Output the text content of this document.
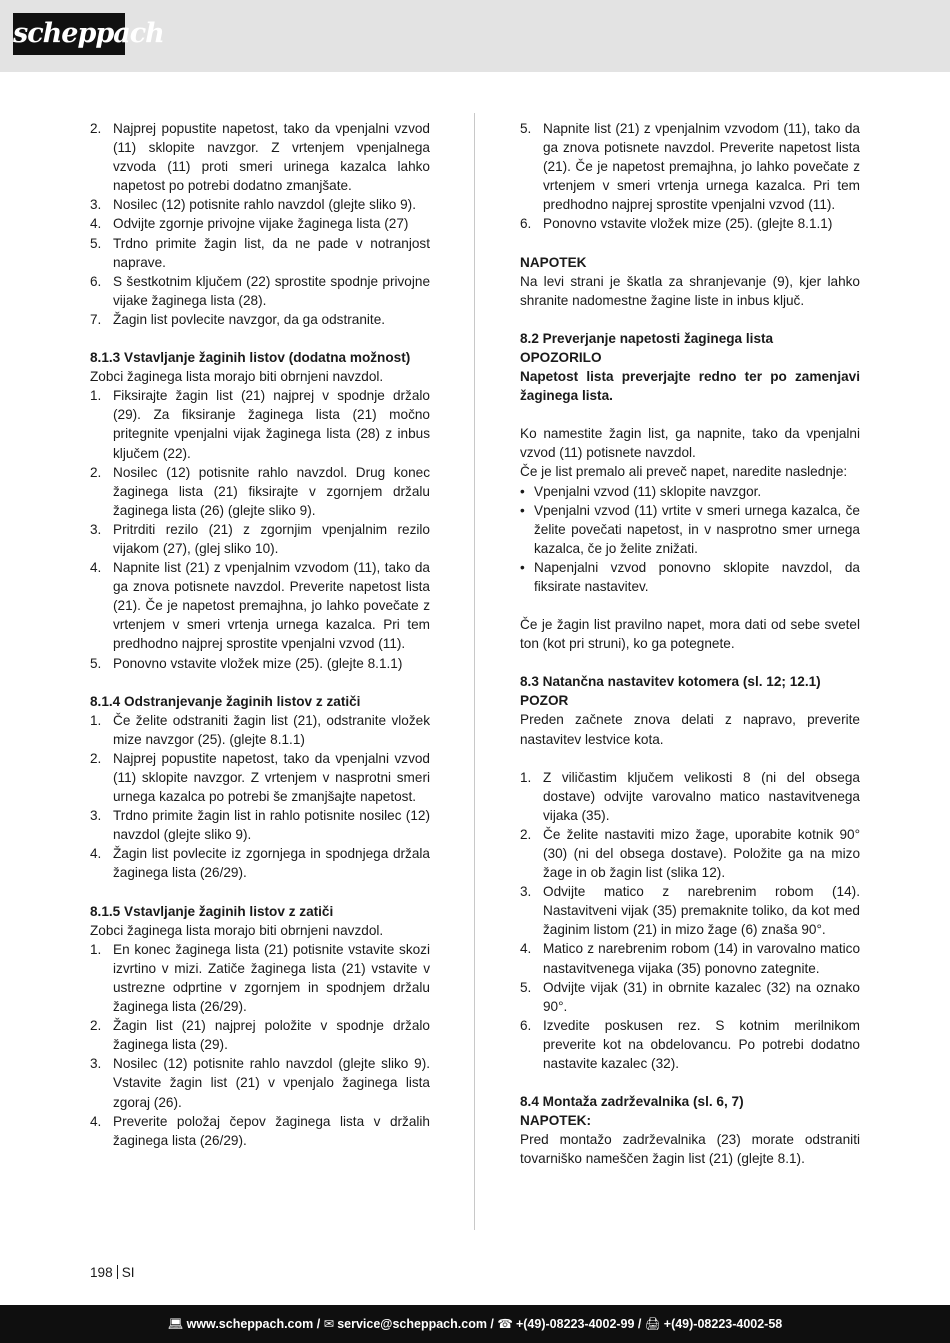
scheppach
2. Najprej popustite napetost, tako da vpenjalni vzvod (11) sklopite navzgor. Z vrtenjem vpenjalnega vzvoda (11) proti smeri urinega kazalca lahko napetost po potrebi dodatno zmanjšate.
3. Nosilec (12) potisnite rahlo navzdol (glejte sliko 9).
4. Odvijte zgornje privojne vijake žaginega lista (27)
5. Trdno primite žagin list, da ne pade v notranjost naprave.
6. S šestkotnim ključem (22) sprostite spodnje privojne vijake žaginega lista (28).
7. Žagin list povlecite navzgor, da ga odstranite.
8.1.3 Vstavljanje žaginih listov (dodatna možnost)

Zobci žaginega lista morajo biti obrnjeni navzdol.

1. Fiksirajte žagin list (21) najprej v spodnje držalo (29). Za fiksiranje žaginega lista (21) močno pritegnite vpenjalni vijak žaginega lista (28) z inbus ključem (22).
2. Nosilec (12) potisnite rahlo navzdol. Drug konec žaginega lista (21) fiksirajte v zgornjem držalu žaginega lista (26) (glejte sliko 9).
3. Pritrditi rezilo (21) z zgornjim vpenjalnim rezilo vijakom (27), (glej sliko 10).
4. Napnite list (21) z vpenjalnim vzvodom (11), tako da ga znova potisnete navzdol. Preverite napetost lista (21). Če je napetost premajhna, jo lahko povečate z vrtenjem v smeri vrtenja urnega kazalca. Pri tem predhodno najprej sprostite vpenjalni vzvod (11).
5. Ponovno vstavite vložek mize (25). (glejte 8.1.1)
8.1.4 Odstranjevanje žaginih listov z zatiči
1. Če želite odstraniti žagin list (21), odstranite vložek mize navzgor (25). (glejte 8.1.1)
2. Najprej popustite napetost, tako da vpenjalni vzvod (11) sklopite navzgor. Z vrtenjem v nasprotni smeri urnega kazalca po potrebi še zmanjšajte napetost.
3. Trdno primite žagin list in rahlo potisnite nosilec (12) navzdol (glejte sliko 9).
4. Žagin list povlecite iz zgornjega in spodnjega držala žaginega lista (26/29).
8.1.5 Vstavljanje žaginih listov z zatiči

Zobci žaginega lista morajo biti obrnjeni navzdol.

1. En konec žaginega lista (21) potisnite vstavite skozi izvrtino v mizi. Zatiče žaginega lista (21) vstavite v ustrezne odprtine v zgornjem in spodnjem držalu žaginega lista (26/29).
2. Žagin list (21) najprej položite v spodnje držalo žaginega lista (29).
3. Nosilec (12) potisnite rahlo navzdol (glejte sliko 9). Vstavite žagin list (21) v vpenjalo žaginega lista zgoraj (26).
4. Preverite položaj čepov žaginega lista v držalih žaginega lista (26/29).
5. Napnite list (21) z vpenjalnim vzvodom (11), tako da ga znova potisnete navzdol. Preverite napetost lista (21). Če je napetost premajhna, jo lahko povečate z vrtenjem v smeri vrtenja urnega kazalca. Pri tem predhodno najprej sprostite vpenjalni vzvod (11).
6. Ponovno vstavite vložek mize (25). (glejte 8.1.1)
NAPOTEK

Na levi strani je škatla za shranjevanje (9), kjer lahko shranite nadomestne žagine liste in inbus ključ.

8.2 Preverjanje napetosti žaginega lista
OPOZORILO

Napetost lista preverjajte redno ter po zamenjavi žaginega lista.

Ko namestite žagin list, ga napnite, tako da vpenjalni vzvod (11) potisnete navzdol.

Če je list premalo ali preveč napet, naredite naslednje:

• Vpenjalni vzvod (11) sklopite navzgor.
• Vpenjalni vzvod (11) vrtite v smeri urnega kazalca, če želite povečati napetost, in v nasprotno smer urnega kazalca, če jo želite znižati.
• Napenjalni vzvod ponovno sklopite navzdol, da fiksirate nastavitev.

Če je žagin list pravilno napet, mora dati od sebe svetel ton (kot pri struni), ko ga potegnete.

8.3 Natančna nastavitev kotomera (sl. 12; 12.1)
POZOR

Preden začnete znova delati z napravo, preverite nastavitev lestvice kota.

1. Z viličastim ključem velikosti 8 (ni del obsega dostave) odvijte varovalno matico nastavitvenega vijaka (35).
2. Če želite nastaviti mizo žage, uporabite kotnik 90° (30) (ni del obsega dostave). Položite ga na mizo žage in ob žagin list (slika 12).
3. Odvijte matico z narebrenim robom (14). Nastavitveni vijak (35) premaknite toliko, da kot med žaginim listom (21) in mizo žage (6) znaša 90°.
4. Matico z narebrenim robom (14) in varovalno matico nastavitvenega vijaka (35) ponovno zategnite.
5. Odvijte vijak (31) in obrnite kazalec (32) na oznako 90°.
6. Izvedite poskusen rez. S kotnim merilnikom preverite kot na obdelovancu. Po potrebi dodatno nastavite kazalec (32).
8.4 Montaža zadrževalnika (sl. 6, 7)
NAPOTEK:

Pred montažo zadrževalnika (23) morate odstraniti tovarniško nameščen žagin list (21) (glejte 8.1).

198 SI
💻︎ www.scheppach.com / ✉ service@scheppach.com / ☎ +(49)-08223-4002-99 / 🖨︎ +(49)-08223-4002-58
